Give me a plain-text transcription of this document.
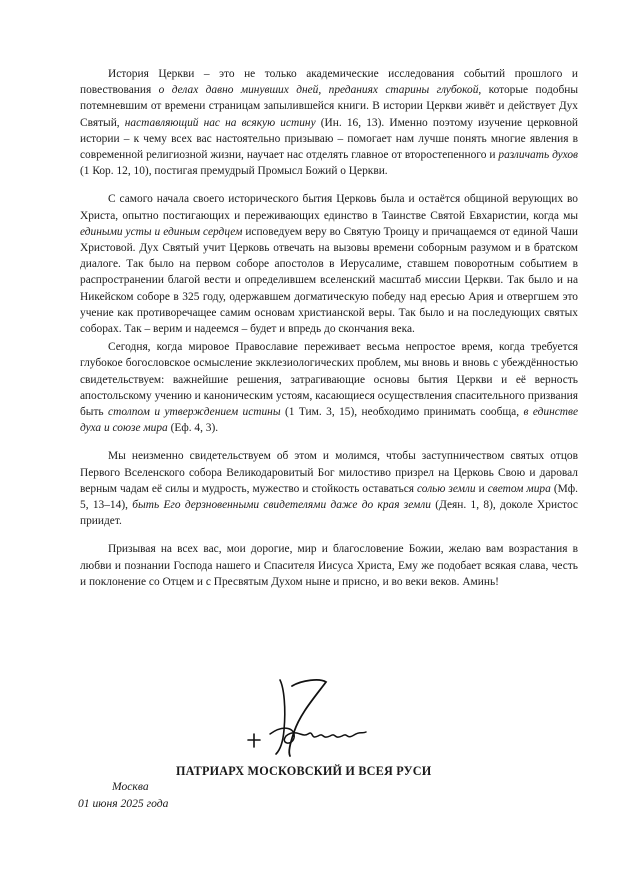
История Церкви – это не только академические исследования событий прошлого и повествования о делах давно минувших дней, преданиях старины глубокой, которые подобны потемневшим от времени страницам запылившейся книги. В истории Церкви живёт и действует Дух Святый, наставляющий нас на всякую истину (Ин. 16, 13). Именно поэтому изучение церковной истории – к чему всех вас настоятельно призываю – помогает нам лучше понять многие явления в современной религиозной жизни, научает нас отделять главное от второстепенного и различать духов (1 Кор. 12, 10), постигая премудрый Промысл Божий о Церкви.

С самого начала своего исторического бытия Церковь была и остаётся общиной верующих во Христа, опытно постигающих и переживающих единство в Таинстве Святой Евхаристии, когда мы едиными усты и единым сердцем исповедуем веру во Святую Троицу и причащаемся от единой Чаши Христовой. Дух Святый учит Церковь отвечать на вызовы времени соборным разумом и в братском диалоге. Так было на первом соборе апостолов в Иерусалиме, ставшем поворотным событием в распространении благой вести и определившем вселенский масштаб миссии Церкви. Так было и на Никейском соборе в 325 году, одержавшем догматическую победу над ересью Ария и отвергшем это учение как противоречащее самим основам христианской веры. Так было и на последующих святых соборах. Так – верим и надеемся – будет и впредь до скончания века.

Сегодня, когда мировое Православие переживает весьма непростое время, когда требуется глубокое богословское осмысление экклезиологических проблем, мы вновь и вновь с убеждённостью свидетельствуем: важнейшие решения, затрагивающие основы бытия Церкви и её верность апостольскому учению и каноническим устоям, касающиеся осуществления спасительного призвания быть столпом и утверждением истины (1 Тим. 3, 15), необходимо принимать сообща, в единстве духа и союзе мира (Еф. 4, 3).

Мы неизменно свидетельствуем об этом и молимся, чтобы заступничеством святых отцов Первого Вселенского собора Великодаровитый Бог милостиво призрел на Церковь Свою и даровал верным чадам её силы и мудрость, мужество и стойкость оставаться солью земли и светом мира (Мф. 5, 13–14), быть Его дерзновенными свидетелями даже до края земли (Деян. 1, 8), доколе Христос приидет.

Призывая на всех вас, мои дорогие, мир и благословение Божии, желаю вам возрастания в любви и познании Господа нашего и Спасителя Иисуса Христа, Ему же подобает всякая слава, честь и поклонение со Отцем и с Пресвятым Духом ныне и присно, и во веки веков. Аминь!

ПАТРИАРХ МОСКОВСКИЙ И ВСЕЯ РУСИ
Москва
01 июня 2025 года
